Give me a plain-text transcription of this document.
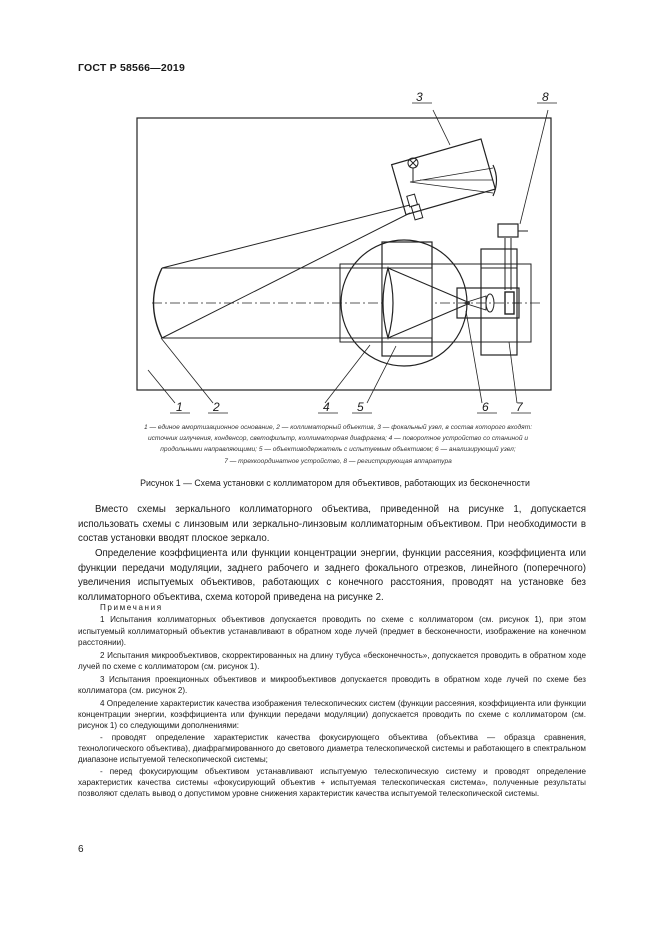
ГОСТ Р 58566—2019
1	2
3
4 5	6 7
8
1 — единое амортизационное основание, 2 — коллиматорный объектив, 3 — фокальный узел, в состав которого входят:
источник излучения, конденсор, светофильтр, коллиматорная диафрагма; 4 — поворотное устройство со станиной и
продольными направляющими; 5 — объективодержатель с испытуемым объективом; 6 — анализирующий узел;
7 — трехкоординатное устройство, 8 — регистрирующая аппаратура
Рисунок 1 — Схема установки с коллиматором для объективов, работающих из бесконечности

Вместо схемы зеркального коллиматорного объектива, приведенной на рисунке 1, допускается использовать схемы с линзовым или зеркально-линзовым коллиматорным объективом. При необходимости в состав установки вводят плоское зеркало.

Определение коэффициента или функции концентрации энергии, функции рассеяния, коэффициента или функции передачи модуляции, заднего рабочего и заднего фокального отрезков, линейного (поперечного) увеличения испытуемых объективов, работающих с конечного расстояния, проводят на установке без коллиматорного объектива, схема которой приведена на рисунке 2.

Примечания

1 Испытания коллиматорных объективов допускается проводить по схеме с коллиматором (см. рисунок 1), при этом испытуемый коллиматорный объектив устанавливают в обратном ходе лучей (предмет в бесконечности, изображение на конечном расстоянии).

2 Испытания микрообъективов, скорректированных на длину тубуса «бесконечность», допускается проводить в обратном ходе лучей по схеме с коллиматором (см. рисунок 1).

3 Испытания проекционных объективов и микрообъективов допускается проводить в обратном ходе лучей по схеме без коллиматора (см. рисунок 2).

4 Определение характеристик качества изображения телескопических систем (функции рассеяния, коэффициента или функции концентрации энергии, коэффициента или функции передачи модуляции) допускается проводить по схеме с коллиматором (см. рисунок 1) со следующими дополнениями:

- проводят определение характеристик качества фокусирующего объектива (объектива — образца сравнения, технологического объектива), диафрагмированного до светового диаметра телескопической системы и работающего в спектральном диапазоне испытуемой телескопической системы;

- перед фокусирующим объективом устанавливают испытуемую телескопическую систему и проводят определение характеристик качества системы «фокусирующий объектив + испытуемая телескопическая система», полученные результаты позволяют сделать вывод о допустимом уровне снижения характеристик качества испытуемой телескопической системы.

6
